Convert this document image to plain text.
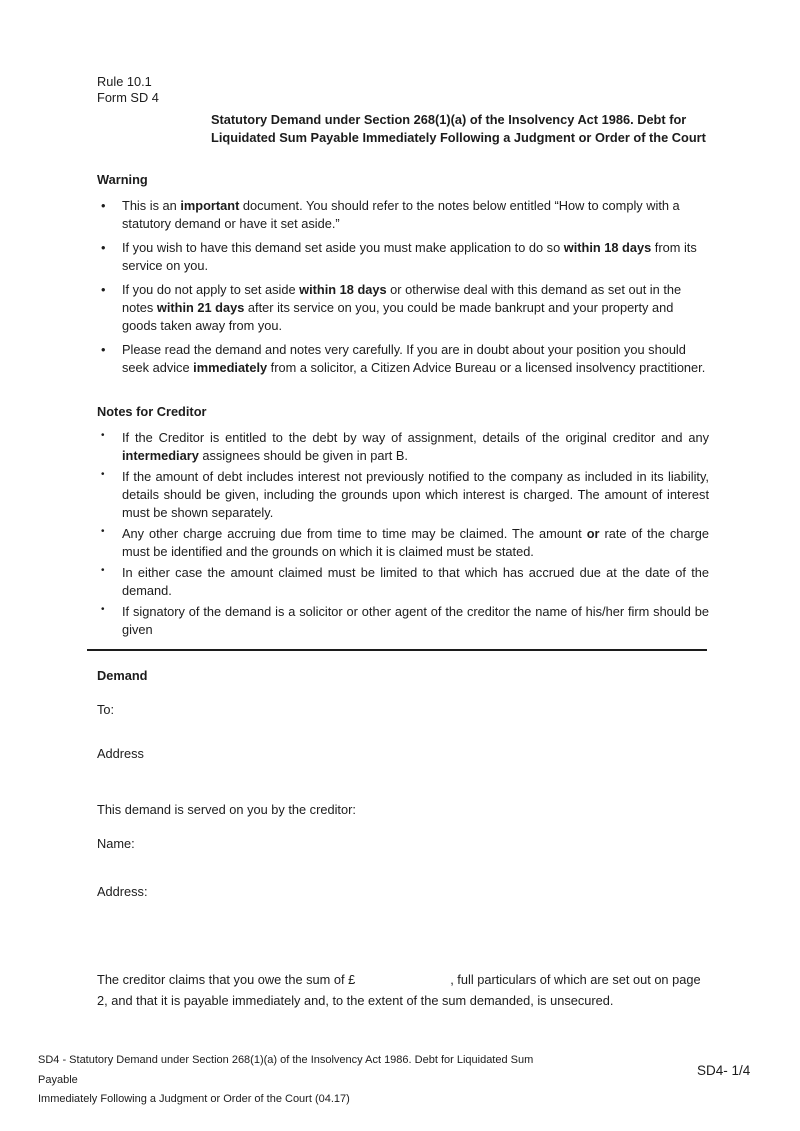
Rule 10.1
Form SD 4
Statutory Demand under Section 268(1)(a) of the Insolvency Act 1986. Debt for Liquidated Sum Payable Immediately Following a Judgment or Order of the Court
Warning
•	This is an important document. You should refer to the notes below entitled “How to comply with a statutory demand or have it set aside.”
•	If you wish to have this demand set aside you must make application to do so within 18 days from its service on you.
•	If you do not apply to set aside within 18 days or otherwise deal with this demand as set out in the notes within 21 days after its service on you, you could be made bankrupt and your property and goods taken away from you.
•	Please read the demand and notes very carefully. If you are in doubt about your position you should seek advice immediately from a solicitor, a Citizen Advice Bureau or a licensed insolvency practitioner.
Notes for Creditor
•	If the Creditor is entitled to the debt by way of assignment, details of the original creditor and any intermediary assignees should be given in part B.
•	If the amount of debt includes interest not previously notified to the company as included in its liability, details should be given, including the grounds upon which interest is charged. The amount of interest must be shown separately.
•	Any other charge accruing due from time to time may be claimed. The amount or rate of the charge must be identified and the grounds on which it is claimed must be stated.
•	In either case the amount claimed must be limited to that which has accrued due at the date of the demand.
•	If signatory of the demand is a solicitor or other agent of the creditor the name of his/her firm should be given
Demand
To:
Address
This demand is served on you by the creditor:
Name:
Address:
The creditor claims that you owe the sum of £	, full particulars of which are set out on page 2, and that it is payable immediately and, to the extent of the sum demanded, is unsecured.
SD4 - Statutory Demand under Section 268(1)(a) of the Insolvency Act 1986. Debt for Liquidated Sum Payable
Immediately Following a Judgment or Order of the Court (04.17)
SD4- 1/4
